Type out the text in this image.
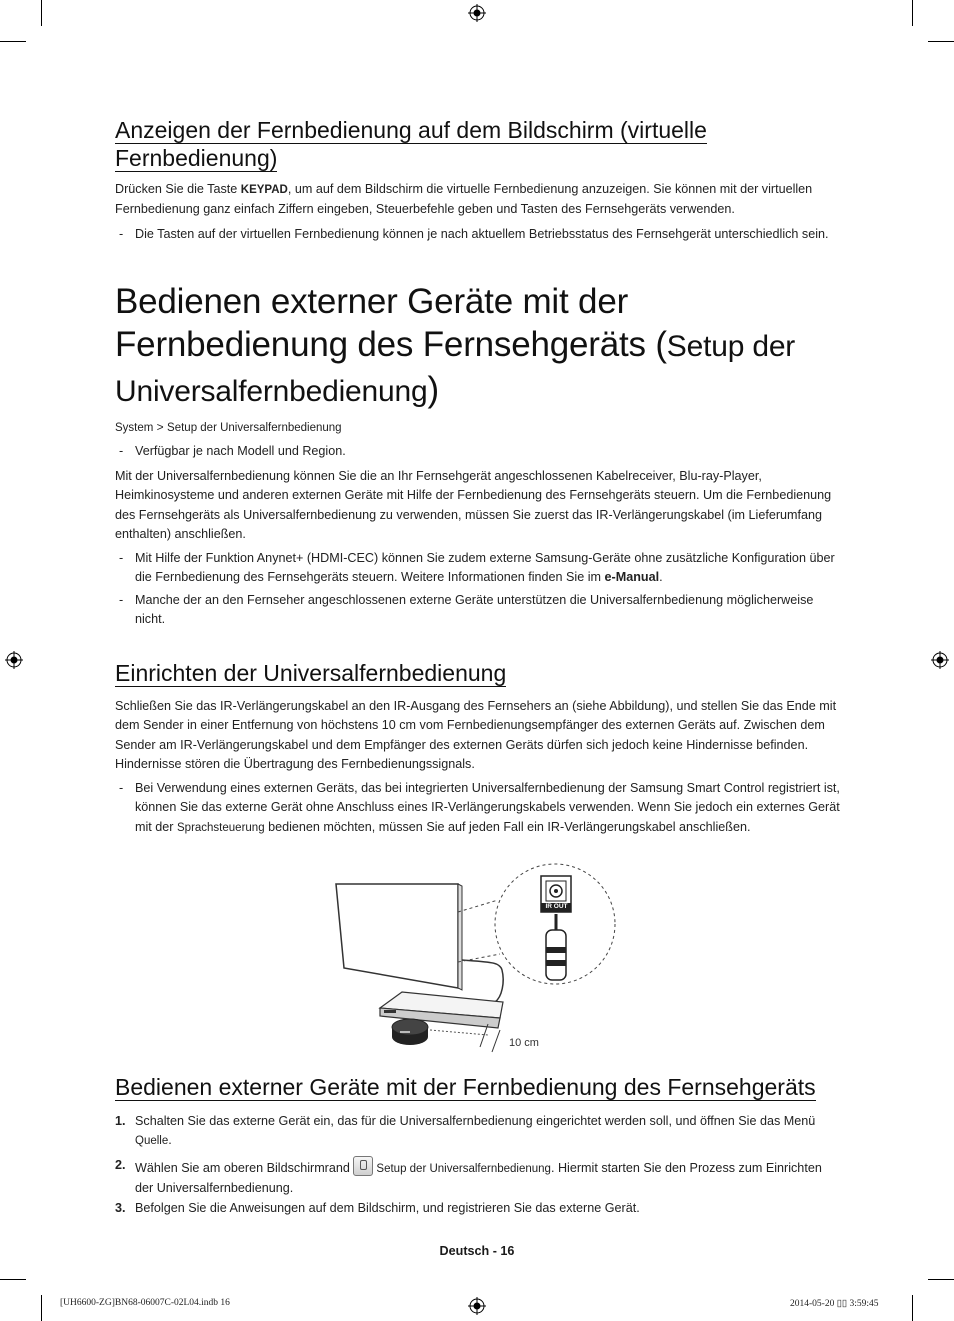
Anzeigen der Fernbedienung auf dem Bildschirm (virtuelle Fernbedienung)
Drücken Sie die Taste KEYPAD, um auf dem Bildschirm die virtuelle Fernbedienung anzuzeigen. Sie können mit der virtuellen Fernbedienung ganz einfach Ziffern eingeben, Steuerbefehle geben und Tasten des Fernsehgeräts verwenden.
- Die Tasten auf der virtuellen Fernbedienung können je nach aktuellem Betriebsstatus des Fernsehgerät unterschiedlich sein.
Bedienen externer Geräte mit der
Fernbedienung des Fernsehgeräts (Setup der
Universalfernbedienung)
System > Setup der Universalfernbedienung
- Verfügbar je nach Modell und Region.
Mit der Universalfernbedienung können Sie die an Ihr Fernsehgerät angeschlossenen Kabelreceiver, Blu-ray-Player, Heimkinosysteme und anderen externen Geräte mit Hilfe der Fernbedienung des Fernsehgeräts steuern. Um die Fernbedienung des Fernsehgeräts als Universalfernbedienung zu verwenden, müssen Sie zuerst das IR-Verlängerungskabel (im Lieferumfang enthalten) anschließen.
- Mit Hilfe der Funktion Anynet+ (HDMI-CEC) können Sie zudem externe Samsung-Geräte ohne zusätzliche Konfiguration über die Fernbedienung des Fernsehgeräts steuern. Weitere Informationen finden Sie im e-Manual.
- Manche der an den Fernseher angeschlossenen externe Geräte unterstützen die Universalfernbedienung möglicherweise nicht.
Einrichten der Universalfernbedienung
Schließen Sie das IR-Verlängerungskabel an den IR-Ausgang des Fernsehers an (siehe Abbildung), und stellen Sie das Ende mit dem Sender in einer Entfernung von höchstens 10 cm vom Fernbedienungsempfänger des externen Geräts auf. Zwischen dem Sender am IR-Verlängerungskabel und dem Empfänger des externen Geräts dürfen sich jedoch keine Hindernisse befinden. Hindernisse stören die Übertragung des Fernbedienungssignals.
- Bei Verwendung eines externen Geräts, das bei integrierten Universalfernbedienung der Samsung Smart Control registriert ist, können Sie das externe Gerät ohne Anschluss eines IR-Verlängerungskabels verwenden. Wenn Sie jedoch ein externes Gerät mit der Sprachsteuerung bedienen möchten, müssen Sie auf jeden Fall ein IR-Verlängerungskabel anschließen.
IR OUT
10 cm
Bedienen externer Geräte mit der Fernbedienung des Fernsehgeräts
1. Schalten Sie das externe Gerät ein, das für die Universalfernbedienung eingerichtet werden soll, und öffnen Sie das Menü Quelle.
2. Wählen Sie am oberen Bildschirmrand Setup der Universalfernbedienung. Hiermit starten Sie den Prozess zum Einrichten der Universalfernbedienung.
3. Befolgen Sie die Anweisungen auf dem Bildschirm, und registrieren Sie das externe Gerät.
Deutsch - 16
[UH6600-ZG]BN68-06007C-02L04.indb 16	2014-05-20 ▯▯ 3:59:45
